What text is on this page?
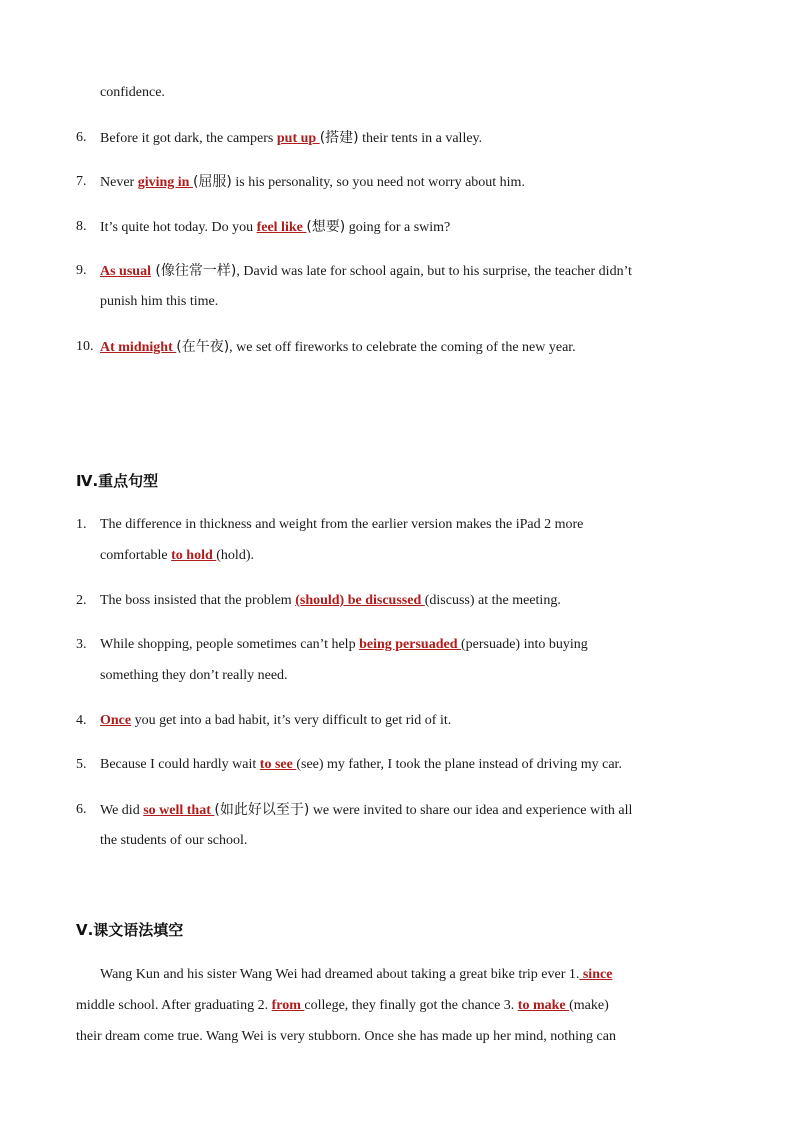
confidence.
6. Before it got dark, the campers put up (搭建) their tents in a valley.
7. Never giving in (屈服) is his personality, so you need not worry about him.
8. It’s quite hot today. Do you feel like (想要) going for a swim?
9. As usual (像往常一样), David was late for school again, but to his surprise, the teacher didn’t
punish him this time.
10. At midnight (在午夜), we set off fireworks to celebrate the coming of the new year.
Ⅳ.重点句型
1. The difference in thickness and weight from the earlier version makes the iPad 2 more
comfortable to hold (hold).
2. The boss insisted that the problem (should) be discussed (discuss) at the meeting.
3. While shopping, people sometimes can’t help being persuaded (persuade) into buying
something they don’t really need.
4. Once you get into a bad habit, it’s very difficult to get rid of it.
5. Because I could hardly wait to see (see) my father, I took the plane instead of driving my car.
6. We did so well that (如此好以至于) we were invited to share our idea and experience with all
the students of our school.
Ⅴ.课文语法填空
Wang Kun and his sister Wang Wei had dreamed about taking a great bike trip ever 1. since
middle school. After graduating 2. from college, they finally got the chance 3. to make (make)
their dream come true. Wang Wei is very stubborn. Once she has made up her mind, nothing can
